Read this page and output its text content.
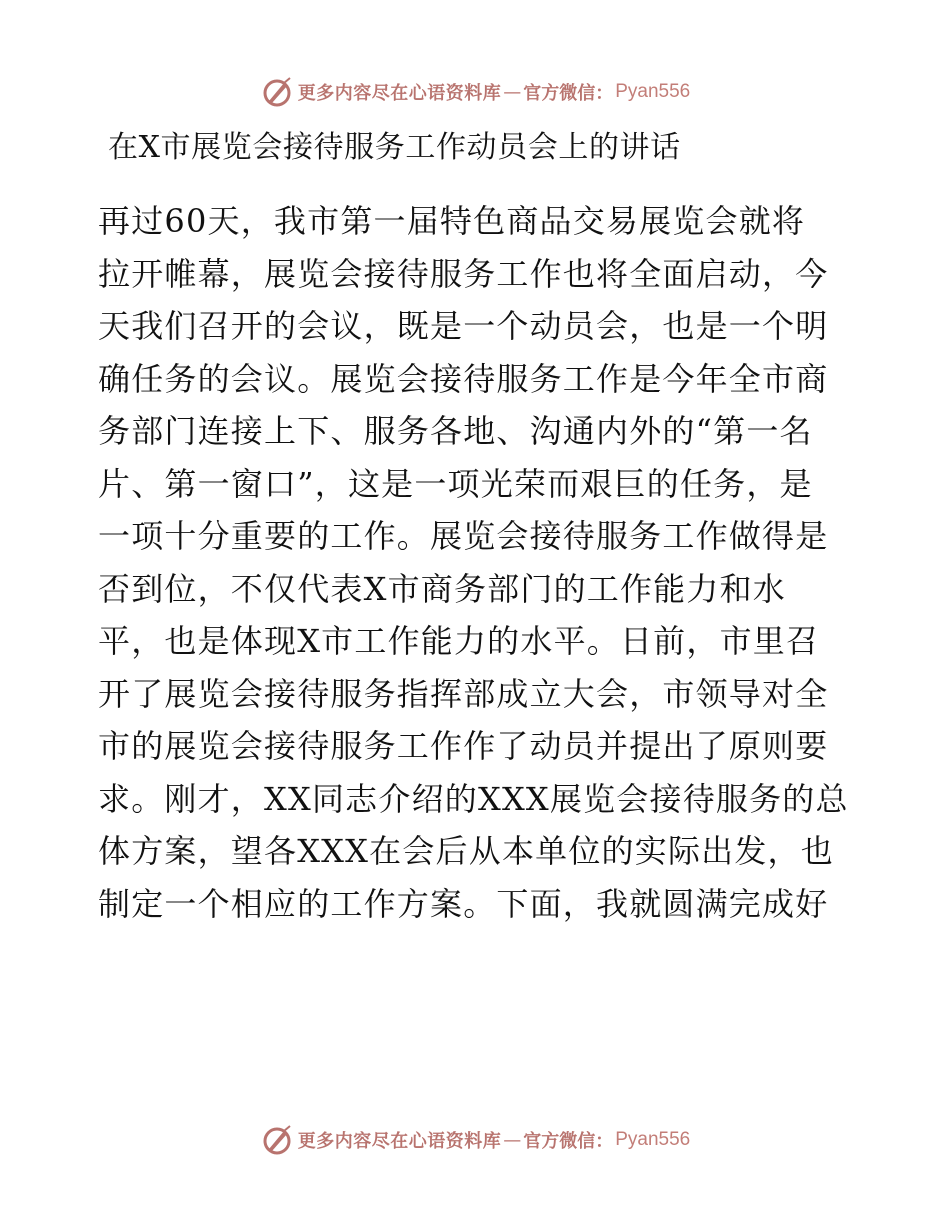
更多内容尽在心语资料库 — 官方微信： Pyan556
在X市展览会接待服务工作动员会上的讲话
再过60天，我市第一届特色商品交易展览会就将
拉开帷幕，展览会接待服务工作也将全面启动，今
天我们召开的会议，既是一个动员会，也是一个明
确任务的会议。展览会接待服务工作是今年全市商
务部门连接上下、服务各地、沟通内外的“第一名
片、第一窗口”，这是一项光荣而艰巨的任务，是
一项十分重要的工作。展览会接待服务工作做得是
否到位，不仅代表X市商务部门的工作能力和水
平，也是体现X市工作能力的水平。日前，市里召
开了展览会接待服务指挥部成立大会，市领导对全
市的展览会接待服务工作作了动员并提出了原则要
求。刚才，XX同志介绍的XXX展览会接待服务的总
体方案，望各XXX在会后从本单位的实际出发，也
制定一个相应的工作方案。下面，我就圆满完成好
更多内容尽在心语资料库 — 官方微信： Pyan556
